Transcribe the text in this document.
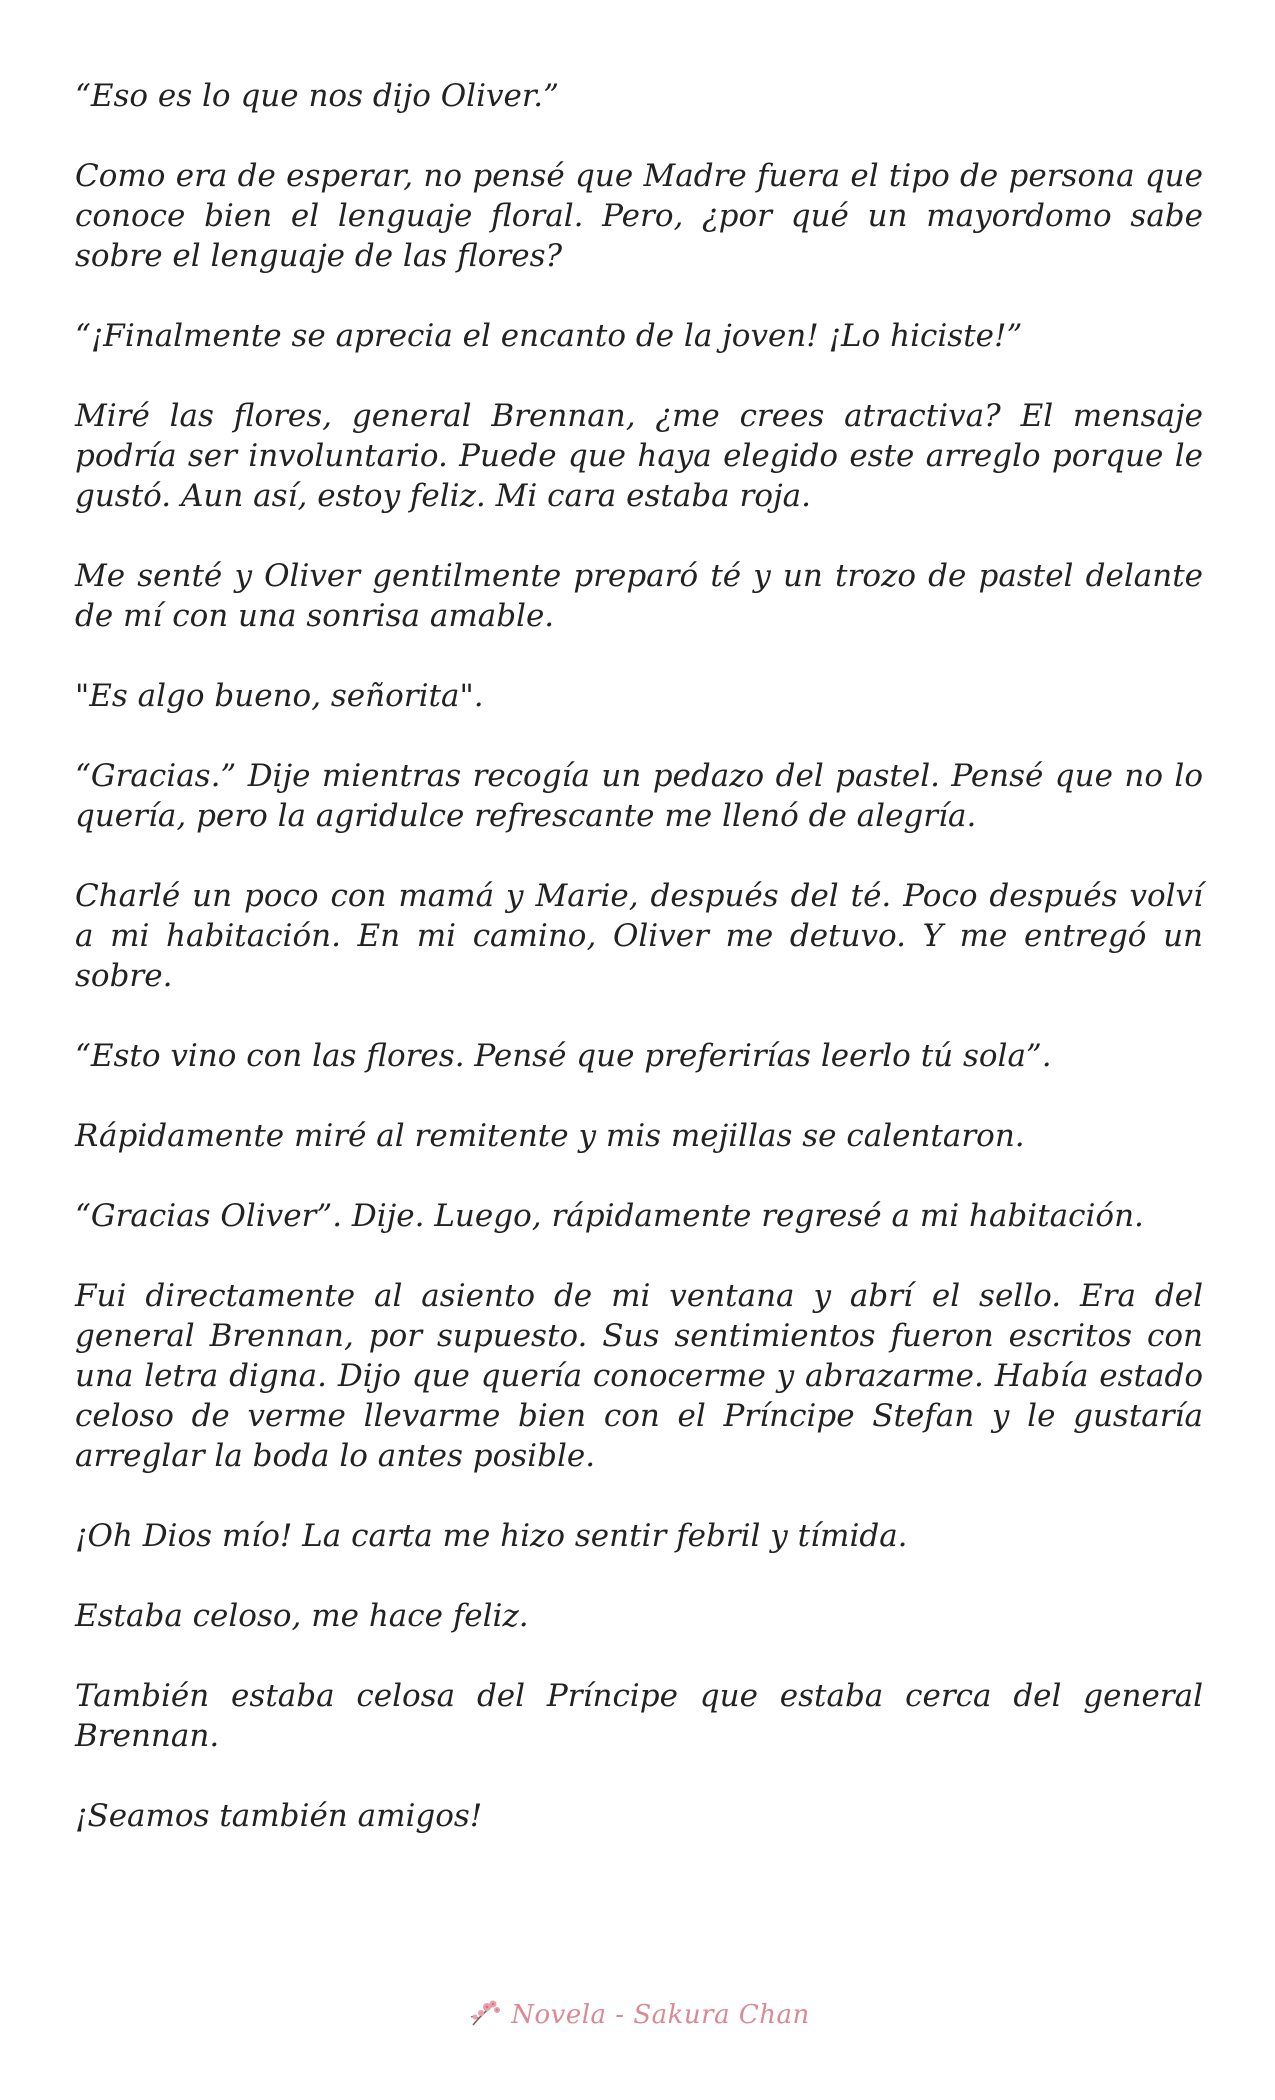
“Eso es lo que nos dijo Oliver.”

Como era de esperar, no pensé que Madre fuera el tipo de persona que conoce bien el lenguaje floral. Pero, ¿por qué un mayordomo sabe sobre el lenguaje de las flores?

“¡Finalmente se aprecia el encanto de la joven! ¡Lo hiciste!”

Miré las flores, general Brennan, ¿me crees atractiva? El mensaje podría ser involuntario. Puede que haya elegido este arreglo porque le gustó. Aun así, estoy feliz. Mi cara estaba roja.

Me senté y Oliver gentilmente preparó té y un trozo de pastel delante de mí con una sonrisa amable.

"Es algo bueno, señorita".

“Gracias.” Dije mientras recogía un pedazo del pastel. Pensé que no lo quería, pero la agridulce refrescante me llenó de alegría.

Charlé un poco con mamá y Marie, después del té. Poco después volví a mi habitación. En mi camino, Oliver me detuvo. Y me entregó un sobre.

“Esto vino con las flores. Pensé que preferirías leerlo tú sola”.

Rápidamente miré al remitente y mis mejillas se calentaron.

“Gracias Oliver”. Dije. Luego, rápidamente regresé a mi habitación.

Fui directamente al asiento de mi ventana y abrí el sello. Era del general Brennan, por supuesto. Sus sentimientos fueron escritos con una letra digna. Dijo que quería conocerme y abrazarme. Había estado celoso de verme llevarme bien con el Príncipe Stefan y le gustaría arreglar la boda lo antes posible.

¡Oh Dios mío! La carta me hizo sentir febril y tímida.

Estaba celoso, me hace feliz.

También estaba celosa del Príncipe que estaba cerca del general Brennan.

¡Seamos también amigos!

Novela - Sakura Chan
